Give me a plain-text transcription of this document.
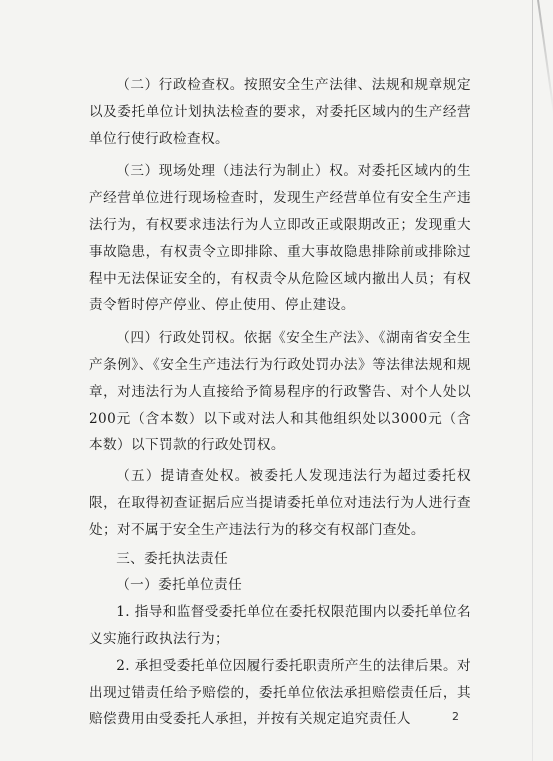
（二）行政检查权。按照安全生产法律、法规和规章规定以及委托单位计划执法检查的要求，对委托区域内的生产经营单位行使行政检查权。

（三）现场处理（违法行为制止）权。对委托区域内的生产经营单位进行现场检查时，发现生产经营单位有安全生产违法行为，有权要求违法行为人立即改正或限期改正；发现重大事故隐患，有权责令立即排除、重大事故隐患排除前或排除过程中无法保证安全的，有权责令从危险区域内撤出人员；有权责令暂时停产停业、停止使用、停止建设。

（四）行政处罚权。依据《安全生产法》、《湖南省安全生产条例》、《安全生产违法行为行政处罚办法》等法律法规和规章，对违法行为人直接给予简易程序的行政警告、对个人处以200元（含本数）以下或对法人和其他组织处以3000元（含本数）以下罚款的行政处罚权。

（五）提请查处权。被委托人发现违法行为超过委托权限，在取得初查证据后应当提请委托单位对违法行为人进行查处；对不属于安全生产违法行为的移交有权部门查处。

三、委托执法责任

（一）委托单位责任

1. 指导和监督受委托单位在委托权限范围内以委托单位名义实施行政执法行为；

2. 承担受委托单位因履行委托职责所产生的法律后果。对出现过错责任给予赔偿的，委托单位依法承担赔偿责任后，其赔偿费用由受委托人承担，并按有关规定追究责任人	2
